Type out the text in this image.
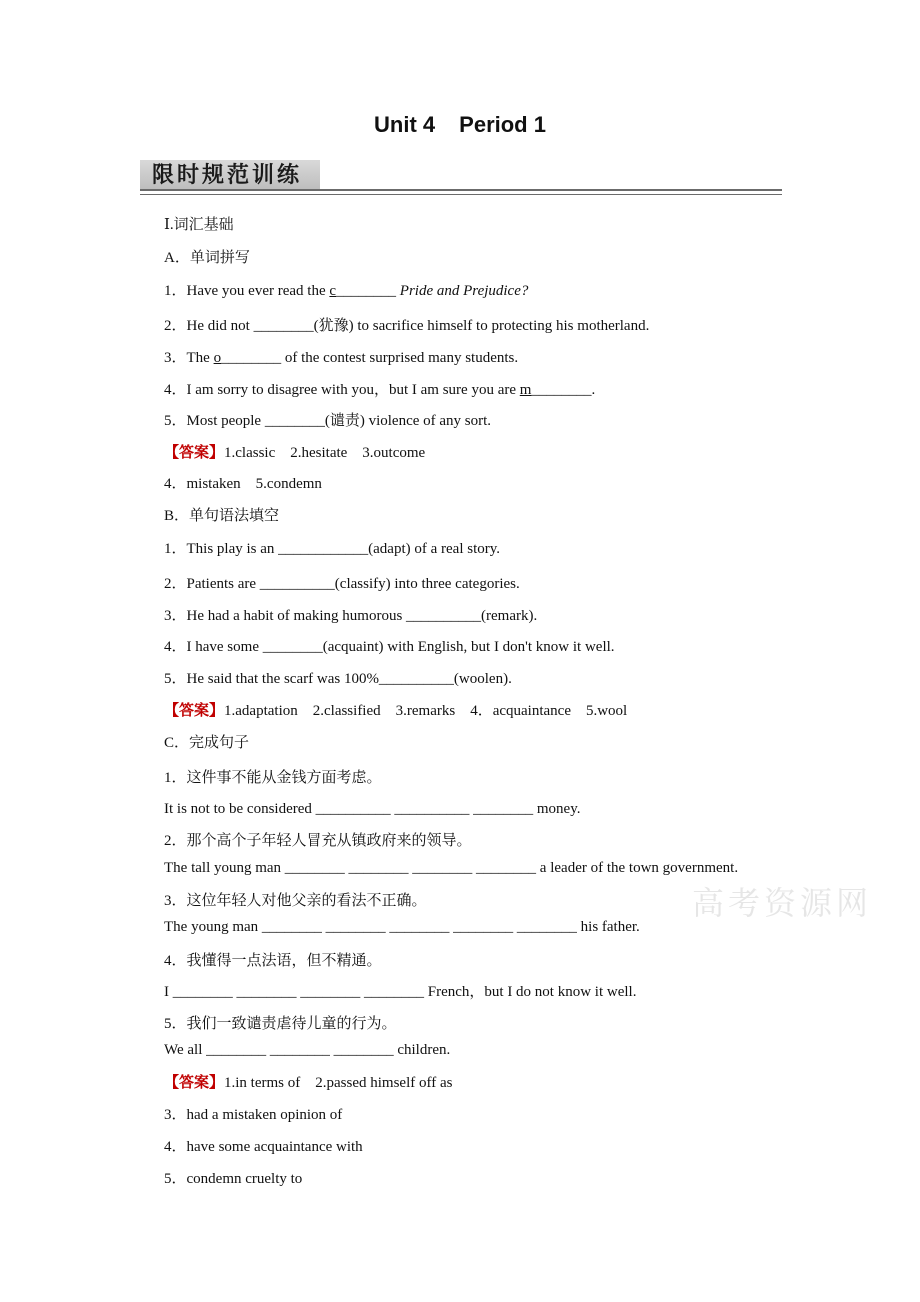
Unit 4 Period 1
限时规范训练
Ⅰ.词汇基础
A．单词拼写
1．Have you ever read the c________ Pride and Prejudice?
2．He did not ________(犹豫) to sacrifice himself to protecting his motherland.
3．The o________ of the contest surprised many students.
4．I am sorry to disagree with you，but I am sure you are m________.
5．Most people ________(谴责) violence of any sort.
【答案】1.classic　2.hesitate　3.outcome
4．mistaken　5.condemn
B．单句语法填空
1．This play is an ____________(adapt) of a real story.
2．Patients are __________(classify) into three categories.
3．He had a habit of making humorous __________(remark).
4．I have some ________(acquaint) with English, but I don't know it well.
5．He said that the scarf was 100%__________(woolen).
【答案】1.adaptation　2.classified　3.remarks　4．acquaintance　5.wool
C．完成句子
1．这件事不能从金钱方面考虑。
It is not to be considered __________ __________ ________ money.
2．那个高个子年轻人冒充从镇政府来的领导。
The tall young man ________ ________ ________ ________ a leader of the town government.
3．这位年轻人对他父亲的看法不正确。
The young man ________ ________ ________ ________ ________ his father.
4．我懂得一点法语，但不精通。
I ________ ________ ________ ________ French，but I do not know it well.
5．我们一致谴责虐待儿童的行为。
We all ________ ________ ________ children.
【答案】1.in terms of　2.passed himself off as
3．had a mistaken opinion of
4．have some acquaintance with
5．condemn cruelty to
高考资源网
